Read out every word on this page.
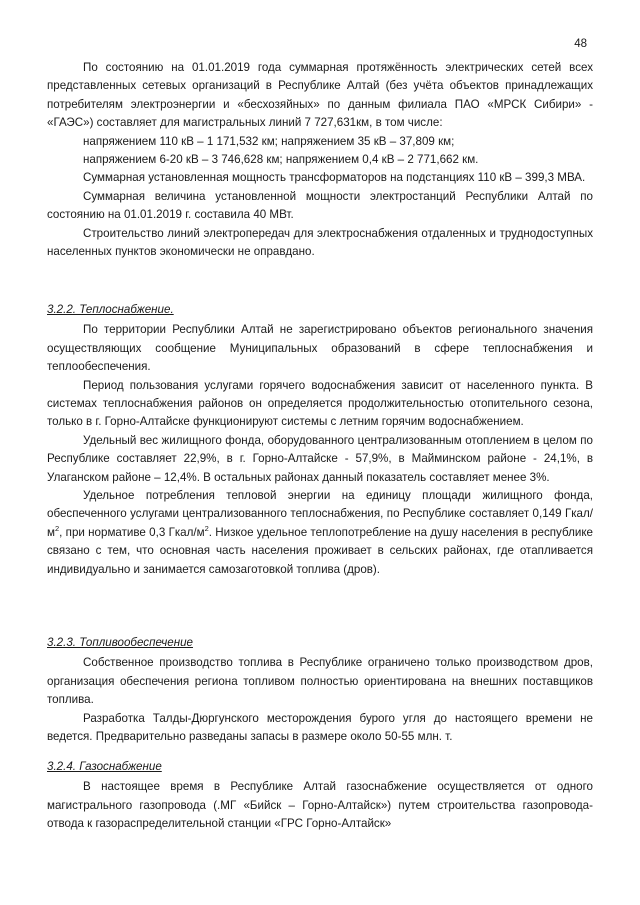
48

По состоянию на 01.01.2019 года суммарная протяжённость электрических сетей всех представленных сетевых организаций в Республике Алтай (без учёта объектов принадлежащих потребителям электроэнергии и «бесхозяйных» по данным филиала ПАО «МРСК Сибири» - «ГАЭС») составляет для магистральных линий 7 727,631км, в том числе:

напряжением 110 кВ – 1 171,532 км; напряжением 35 кВ – 37,809 км;

напряжением 6-20 кВ – 3 746,628 км; напряжением 0,4 кВ – 2 771,662 км.

Суммарная установленная мощность трансформаторов на подстанциях 110 кВ – 399,3 МВА.

Суммарная величина установленной мощности электростанций Республики Алтай по состоянию на 01.01.2019 г. составила 40 МВт.

Строительство линий электропередач для электроснабжения отдаленных и труднодоступных населенных пунктов экономически не оправдано.

3.2.2. Теплоснабжение.

По территории Республики Алтай не зарегистрировано объектов регионального значения осуществляющих сообщение Муниципальных образований в сфере теплоснабжения и теплообеспечения.

Период пользования услугами горячего водоснабжения зависит от населенного пункта. В системах теплоснабжения районов он определяется продолжительностью отопительного сезона, только в г. Горно-Алтайске функционируют системы с летним горячим водоснабжением.

Удельный вес жилищного фонда, оборудованного централизованным отоплением в целом по Республике составляет 22,9%, в г. Горно-Алтайске - 57,9%, в Майминском районе - 24,1%, в Улаганском районе – 12,4%. В остальных районах данный показатель составляет менее 3%.

Удельное потребления тепловой энергии на единицу площади жилищного фонда, обеспеченного услугами централизованного теплоснабжения, по Республике составляет 0,149 Гкал/$м^2$, при нормативе 0,3 Гкал/$м^2$. Низкое удельное теплопотребление на душу населения в республике связано с тем, что основная часть населения проживает в сельских районах, где отапливается индивидуально и занимается самозаготовкой топлива (дров).

3.2.3. Топливообеспечение

Собственное производство топлива в Республике ограничено только производством дров, организация обеспечения региона топливом полностью ориентирована на внешних поставщиков топлива.

Разработка Талды-Дюргунского месторождения бурого угля до настоящего времени не ведется. Предварительно разведаны запасы в размере около 50-55 млн. т.

3.2.4. Газоснабжение

В настоящее время в Республике Алтай газоснабжение осуществляется от одного магистрального газопровода (.МГ «Бийск – Горно-Алтайск») путем строительства газопровода-отвода к газораспределительной станции «ГРС Горно-Алтайск»
